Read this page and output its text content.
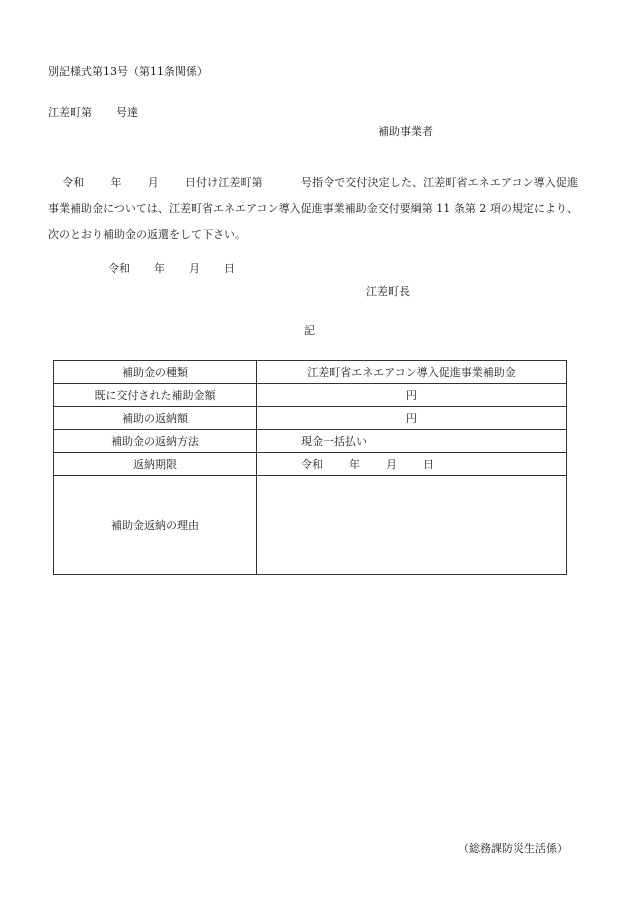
別記様式第13号（第11条関係）
江差町第 号達
補助事業者
令和 年 月 日付け江差町第	号指令で交付決定した、江差町省エネエアコン導入促進事業補助金については、江差町省エネエアコン導入促進事業補助金交付要綱第 11 条第 2 項の規定により、次のとおり補助金の返還をして下さい。
令和 年 月 日
江差町長
記
補助金の種類	江差町省エネエアコン導入促進事業補助金
既に交付された補助金額	円
補助の返納額	円
補助金の返納方法	現金一括払い
返納期限	令和 年 月 日
補助金返納の理由	
（総務課防災生活係）
